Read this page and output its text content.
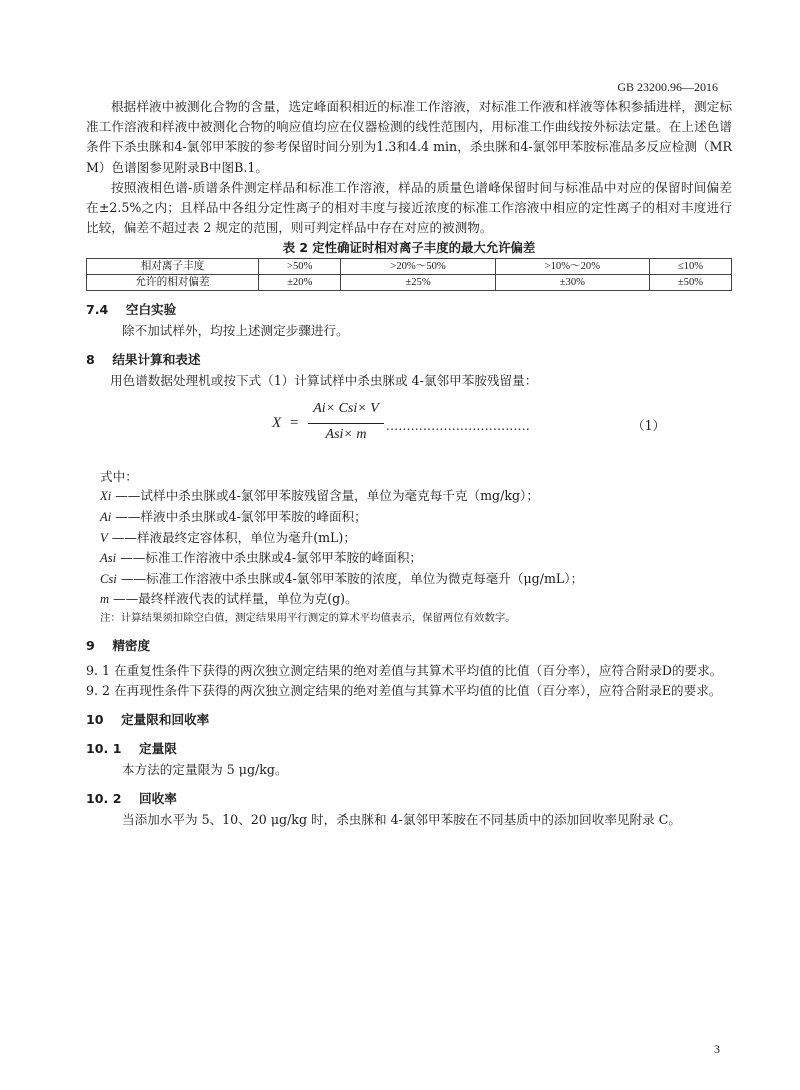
GB 23200.96—2016

根据样液中被测化合物的含量，选定峰面积相近的标准工作溶液，对标准工作液和样液等体积参插进样，测定标准工作溶液和样液中被测化合物的响应值均应在仪器检测的线性范围内，用标准工作曲线按外标法定量。在上述色谱条件下杀虫脒和4-氯邻甲苯胺的参考保留时间分别为1.3和4.4 min，杀虫脒和4-氯邻甲苯胺标准品多反应检测（MRM）色谱图参见附录B中图B.1。

按照液相色谱-质谱条件测定样品和标准工作溶液，样品的质量色谱峰保留时间与标准品中对应的保留时间偏差在±2.5%之内；且样品中各组分定性离子的相对丰度与接近浓度的标准工作溶液中相应的定性离子的相对丰度进行比较，偏差不超过表 2 规定的范围，则可判定样品中存在对应的被测物。

表 2 定性确证时相对离子丰度的最大允许偏差

相对离子丰度	>50%	>20%～50%	>10%～20%	≤10%
允许的相对偏差	±20%	±25%	±30%	±50%

7.4 空白实验

除不加试样外，均按上述测定步骤进行。

8 结果计算和表述

用色谱数据处理机或按下式（1）计算试样中杀虫脒或 4-氯邻甲苯胺残留量：

X =
Ai× Csi× V
Asi× m
...................................	（1）

式中：

Xi ——试样中杀虫脒或4-氯邻甲苯胺残留含量，单位为毫克每千克（mg/kg）；

Ai ——样液中杀虫脒或4-氯邻甲苯胺的峰面积；

V ——样液最终定容体积，单位为毫升(mL)；

Asi ——标准工作溶液中杀虫脒或4-氯邻甲苯胺的峰面积；

Csi ——标准工作溶液中杀虫脒或4-氯邻甲苯胺的浓度，单位为微克每毫升（μg/mL）；

m ——最终样液代表的试样量，单位为克(g)。

注：计算结果须扣除空白值，测定结果用平行测定的算术平均值表示，保留两位有效数字。

9 精密度

9. 1 在重复性条件下获得的两次独立测定结果的绝对差值与其算术平均值的比值（百分率），应符合附录D的要求。

9. 2 在再现性条件下获得的两次独立测定结果的绝对差值与其算术平均值的比值（百分率），应符合附录E的要求。

10 定量限和回收率

10. 1 定量限

本方法的定量限为 5 μg/kg。

10. 2 回收率

当添加水平为 5、10、20 μg/kg 时，杀虫脒和 4-氯邻甲苯胺在不同基质中的添加回收率见附录 C。

3
